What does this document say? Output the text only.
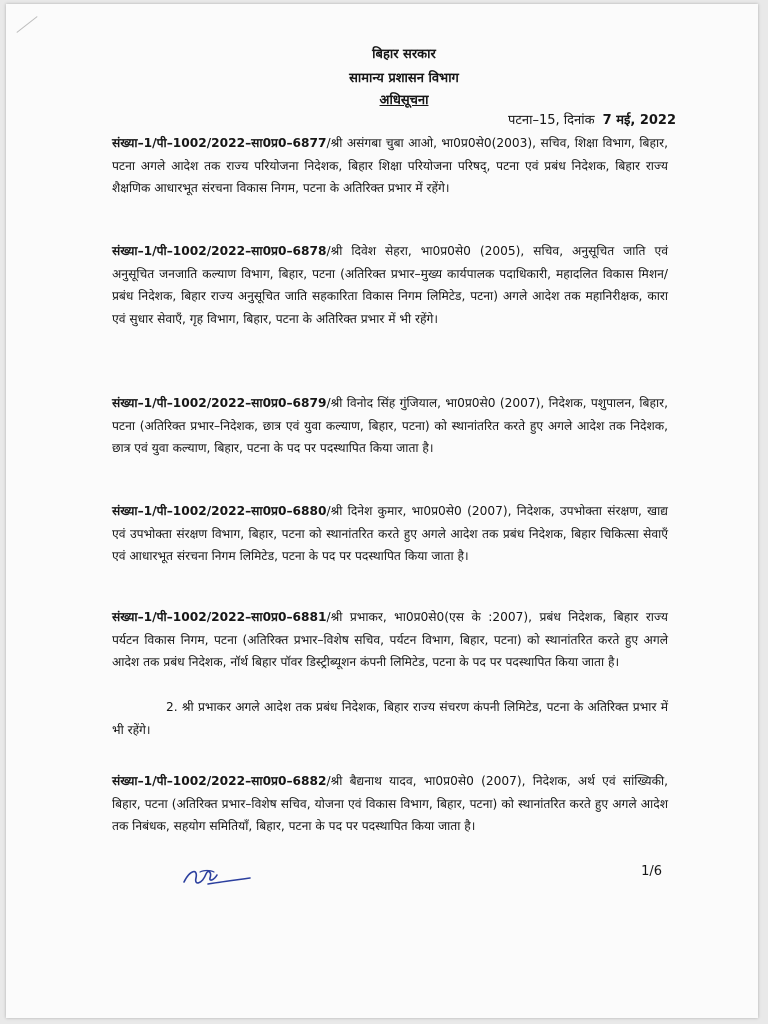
बिहार सरकार
सामान्य प्रशासन विभाग
अधिसूचना
पटना–15, दिनांक 7 मई, 2022

संख्या–1/पी–1002/2022–सा0प्र0–6877/श्री असंगबा चुबा आओ, भा0प्र0से0(2003), सचिव, शिक्षा विभाग, बिहार, पटना अगले आदेश तक राज्य परियोजना निदेशक, बिहार शिक्षा परियोजना परिषद्, पटना एवं प्रबंध निदेशक, बिहार राज्य शैक्षणिक आधारभूत संरचना विकास निगम, पटना के अतिरिक्त प्रभार में रहेंगे।

संख्या–1/पी–1002/2022–सा0प्र0–6878/श्री दिवेश सेहरा, भा0प्र0से0 (2005), सचिव, अनुसूचित जाति एवं अनुसूचित जनजाति कल्याण विभाग, बिहार, पटना (अतिरिक्त प्रभार–मुख्य कार्यपालक पदाधिकारी, महादलित विकास मिशन/प्रबंध निदेशक, बिहार राज्य अनुसूचित जाति सहकारिता विकास निगम लिमिटेड, पटना) अगले आदेश तक महानिरीक्षक, कारा एवं सुधार सेवाएँ, गृह विभाग, बिहार, पटना के अतिरिक्त प्रभार में भी रहेंगे।

संख्या–1/पी–1002/2022–सा0प्र0–6879/श्री विनोद सिंह गुंजियाल, भा0प्र0से0 (2007), निदेशक, पशुपालन, बिहार, पटना (अतिरिक्त प्रभार–निदेशक, छात्र एवं युवा कल्याण, बिहार, पटना) को स्थानांतरित करते हुए अगले आदेश तक निदेशक, छात्र एवं युवा कल्याण, बिहार, पटना के पद पर पदस्थापित किया जाता है।

संख्या–1/पी–1002/2022–सा0प्र0–6880/श्री दिनेश कुमार, भा0प्र0से0 (2007), निदेशक, उपभोक्ता संरक्षण, खाद्य एवं उपभोक्ता संरक्षण विभाग, बिहार, पटना को स्थानांतरित करते हुए अगले आदेश तक प्रबंध निदेशक, बिहार चिकित्सा सेवाएँ एवं आधारभूत संरचना निगम लिमिटेड, पटना के पद पर पदस्थापित किया जाता है।

संख्या–1/पी–1002/2022–सा0प्र0–6881/श्री प्रभाकर, भा0प्र0से0(एस के :2007), प्रबंध निदेशक, बिहार राज्य पर्यटन विकास निगम, पटना (अतिरिक्त प्रभार–विशेष सचिव, पर्यटन विभाग, बिहार, पटना) को स्थानांतरित करते हुए अगले आदेश तक प्रबंध निदेशक, नॉर्थ बिहार पॉवर डिस्ट्रीब्यूशन कंपनी लिमिटेड, पटना के पद पर पदस्थापित किया जाता है।

2. श्री प्रभाकर अगले आदेश तक प्रबंध निदेशक, बिहार राज्य संचरण कंपनी लिमिटेड, पटना के अतिरिक्त प्रभार में भी रहेंगे।

संख्या–1/पी–1002/2022–सा0प्र0–6882/श्री बैद्यनाथ यादव, भा0प्र0से0 (2007), निदेशक, अर्थ एवं सांख्यिकी, बिहार, पटना (अतिरिक्त प्रभार–विशेष सचिव, योजना एवं विकास विभाग, बिहार, पटना) को स्थानांतरित करते हुए अगले आदेश तक निबंधक, सहयोग समितियाँ, बिहार, पटना के पद पर पदस्थापित किया जाता है।

1/6
